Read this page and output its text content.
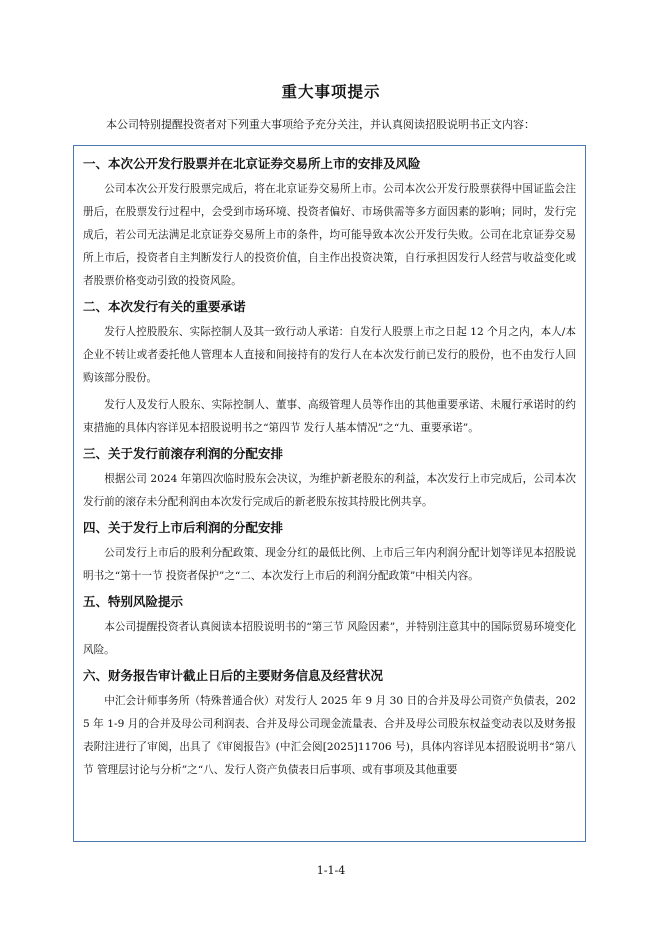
重大事项提示
本公司特别提醒投资者对下列重大事项给予充分关注，并认真阅读招股说明书正文内容：
一、本次公开发行股票并在北京证券交易所上市的安排及风险
公司本次公开发行股票完成后，将在北京证券交易所上市。公司本次公开发行股票获得中国证监会注册后，在股票发行过程中，会受到市场环境、投资者偏好、市场供需等多方面因素的影响；同时，发行完成后，若公司无法满足北京证券交易所上市的条件，均可能导致本次公开发行失败。公司在北京证券交易所上市后，投资者自主判断发行人的投资价值，自主作出投资决策，自行承担因发行人经营与收益变化或者股票价格变动引致的投资风险。
二、本次发行有关的重要承诺
发行人控股股东、实际控制人及其一致行动人承诺：自发行人股票上市之日起 12 个月之内，本人/本企业不转让或者委托他人管理本人直接和间接持有的发行人在本次发行前已发行的股份，也不由发行人回购该部分股份。
发行人及发行人股东、实际控制人、董事、高级管理人员等作出的其他重要承诺、未履行承诺时的约束措施的具体内容详见本招股说明书之“第四节 发行人基本情况”之“九、重要承诺”。
三、关于发行前滚存利润的分配安排
根据公司 2024 年第四次临时股东会决议，为维护新老股东的利益，本次发行上市完成后，公司本次发行前的滚存未分配利润由本次发行完成后的新老股东按其持股比例共享。
四、关于发行上市后利润的分配安排
公司发行上市后的股利分配政策、现金分红的最低比例、上市后三年内利润分配计划等详见本招股说明书之“第十一节 投资者保护”之“二、本次发行上市后的利润分配政策”中相关内容。
五、特别风险提示
本公司提醒投资者认真阅读本招股说明书的“第三节 风险因素”，并特别注意其中的国际贸易环境变化风险。
六、财务报告审计截止日后的主要财务信息及经营状况
中汇会计师事务所（特殊普通合伙）对发行人 2025 年 9 月 30 日的合并及母公司资产负债表，2025 年 1-9 月的合并及母公司利润表、合并及母公司现金流量表、合并及母公司股东权益变动表以及财务报表附注进行了审阅，出具了《审阅报告》(中汇会阅[2025]11706 号)，具体内容详见本招股说明书“第八节 管理层讨论与分析”之“八、发行人资产负债表日后事项、或有事项及其他重要
1-1-4
